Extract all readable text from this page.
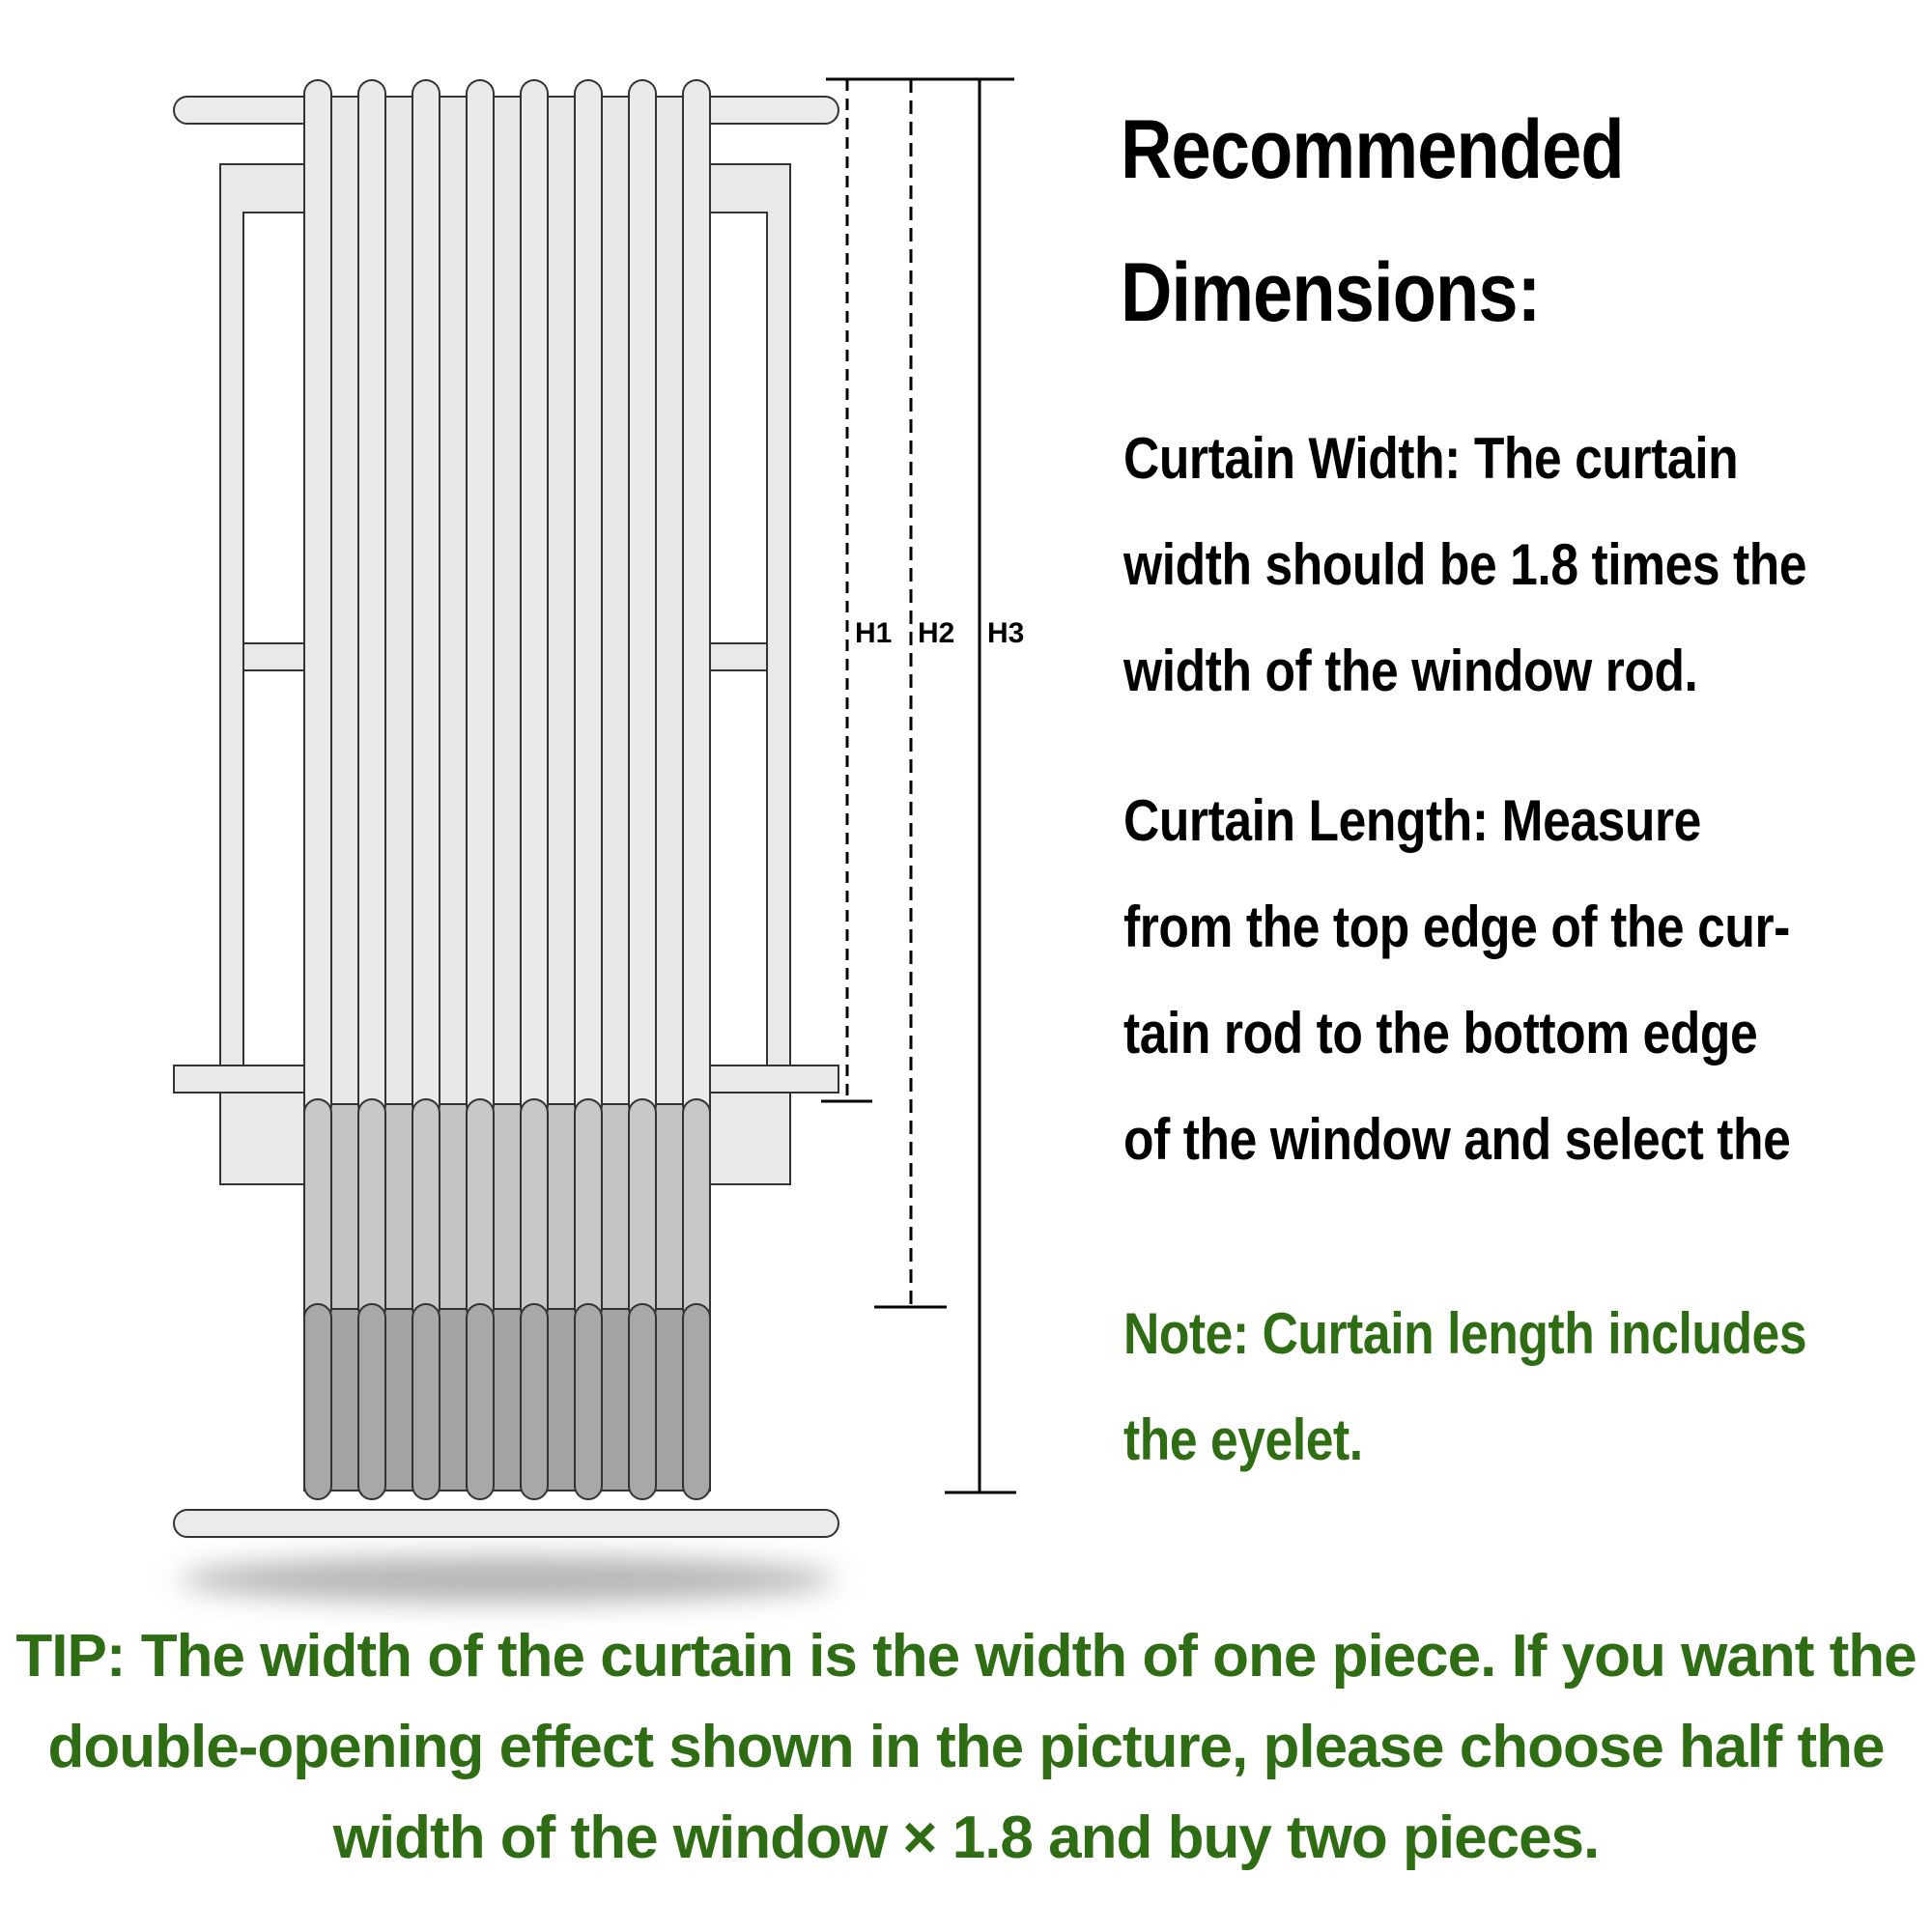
H1 H2 H3
Recommended
Dimensions:

Curtain Width: The curtain
width should be 1.8 times the
width of the window rod.

Curtain Length: Measure
from the top edge of the cur-
tain rod to the bottom edge
of the window and select the

Note: Curtain length includes
the eyelet.

TIP: The width of the curtain is the width of one piece. If you want the
double-opening effect shown in the picture, please choose half the
width of the window × 1.8 and buy two pieces.
